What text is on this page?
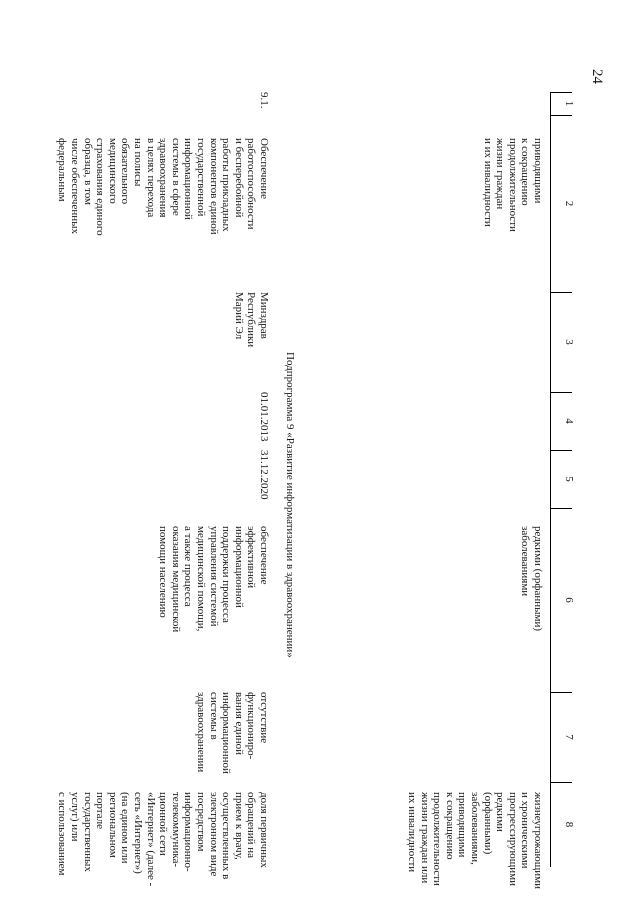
24
1
2
3
4
5
6
7
8
приводящими
к сокращению
продолжительности
жизни граждан
и их инвалидности
редкими (орфанными)
заболеваниями
жизнеугрожающими
и хроническими
прогрессирующими
редкими
(орфанными)
заболеваниями,
приводящими
к сокращению
продолжительности
жизни граждан или
их инвалидности
Подпрограмма 9 «Развитие информатизации в здравоохранении»
9.1.
Обеспечение
работоспособности
и бесперебойной
работы прикладных
компонентов единой
государственной
информационной
системы в сфере
здравоохранения
в целях перехода
на полисы
обязательного
медицинского
страхования единого
образца, в том
числе обеспеченных
федеральным
Минздрав
Республики
Марий Эл
01.01.2013
31.12.2020
обеспечение
эффективной
информационной
поддержки процесса
управления системой
медицинской помощи,
а также процесса
оказания медицинской
помощи населению
отсутствие
функциониро-
вания единой
информационной
системы в
здравоохранении
доля первичных
обращений на
прием к врачу,
осуществленных в
электронном виде
посредством
информационно-
телекоммуника-
ционной сети
«Интернет» (далее -
сеть «Интернет»)
(на едином или
региональном
портале
государственных
услуг) или
с использованием
